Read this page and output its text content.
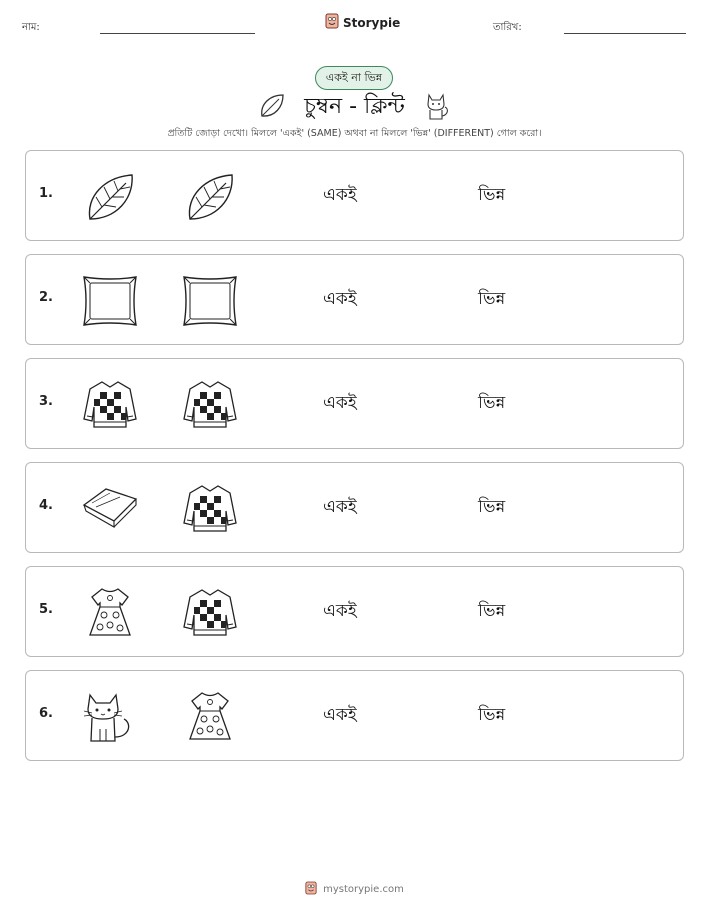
নাম:	Storypie	তারিখ:
একই না ভিন্ন
চুম্বন - ক্লিন্ট
প্রতিটি জোড়া দেখো। মিললে 'একই' (SAME) অথবা না মিললে 'ভিন্ন' (DIFFERENT) গোল করো।
1.	একই	ভিন্ন
2.	একই	ভিন্ন
3.	একই	ভিন্ন
4.	একই	ভিন্ন
5.	একই	ভিন্ন
6.	একই	ভিন্ন
mystorypie.com
